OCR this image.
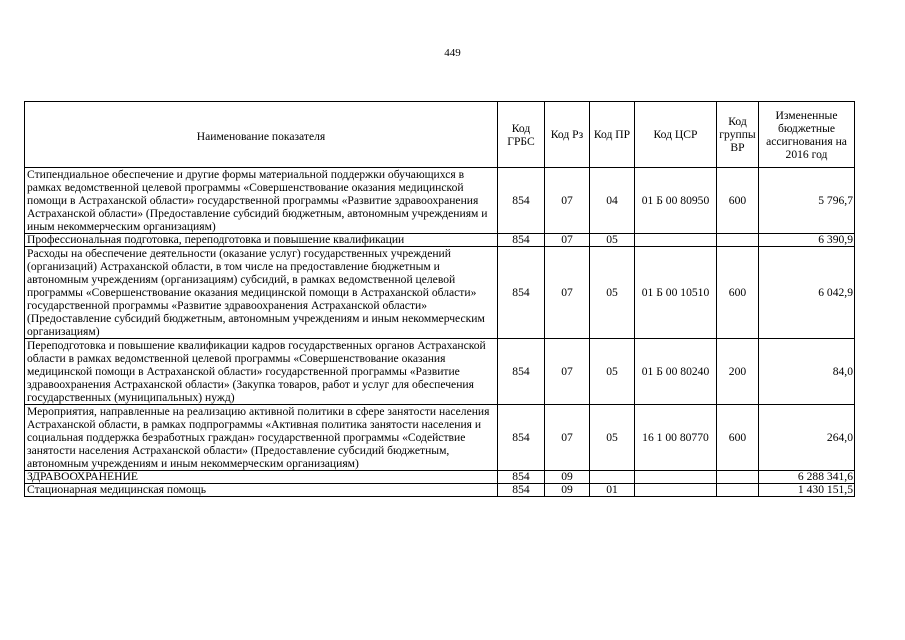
449
Наименование показателя	Код ГРБС	Код Рз	Код ПР	Код ЦСР	Код группы ВР	Измененные бюджетные ассигнования на 2016 год
Стипендиальное обеспечение и другие формы материальной поддержки обучающихся в рамках ведомственной целевой программы «Совершенствование оказания медицинской помощи в Астраханской области» государственной программы «Развитие здравоохранения Астраханской области» (Предоставление субсидий бюджетным, автономным учреждениям и иным некоммерческим организациям)	854	07	04	01 Б 00 80950	600	5 796,7
Профессиональная подготовка, переподготовка и повышение квалификации	854	07	05			6 390,9
Расходы на обеспечение деятельности (оказание услуг) государственных учреждений (организаций) Астраханской области, в том числе на предоставление бюджетным и автономным учреждениям (организациям) субсидий, в рамках ведомственной целевой программы «Совершенствование оказания медицинской помощи в Астраханской области» государственной программы «Развитие здравоохранения Астраханской области» (Предоставление субсидий бюджетным, автономным учреждениям и иным некоммерческим организациям)	854	07	05	01 Б 00 10510	600	6 042,9
Переподготовка и повышение квалификации кадров государственных органов Астраханской области в рамках ведомственной целевой программы «Совершенствование оказания медицинской помощи в Астраханской области» государственной программы «Развитие здравоохранения Астраханской области» (Закупка товаров, работ и услуг для обеспечения государственных (муниципальных) нужд)	854	07	05	01 Б 00 80240	200	84,0
Мероприятия, направленные на реализацию активной политики в сфере занятости населения Астраханской области, в рамках подпрограммы «Активная политика занятости населения и социальная поддержка безработных граждан» государственной программы «Содействие занятости населения Астраханской области» (Предоставление субсидий бюджетным, автономным учреждениям и иным некоммерческим организациям)	854	07	05	16 1 00 80770	600	264,0
ЗДРАВООХРАНЕНИЕ	854	09				6 288 341,6
Стационарная медицинская помощь	854	09	01			1 430 151,5
